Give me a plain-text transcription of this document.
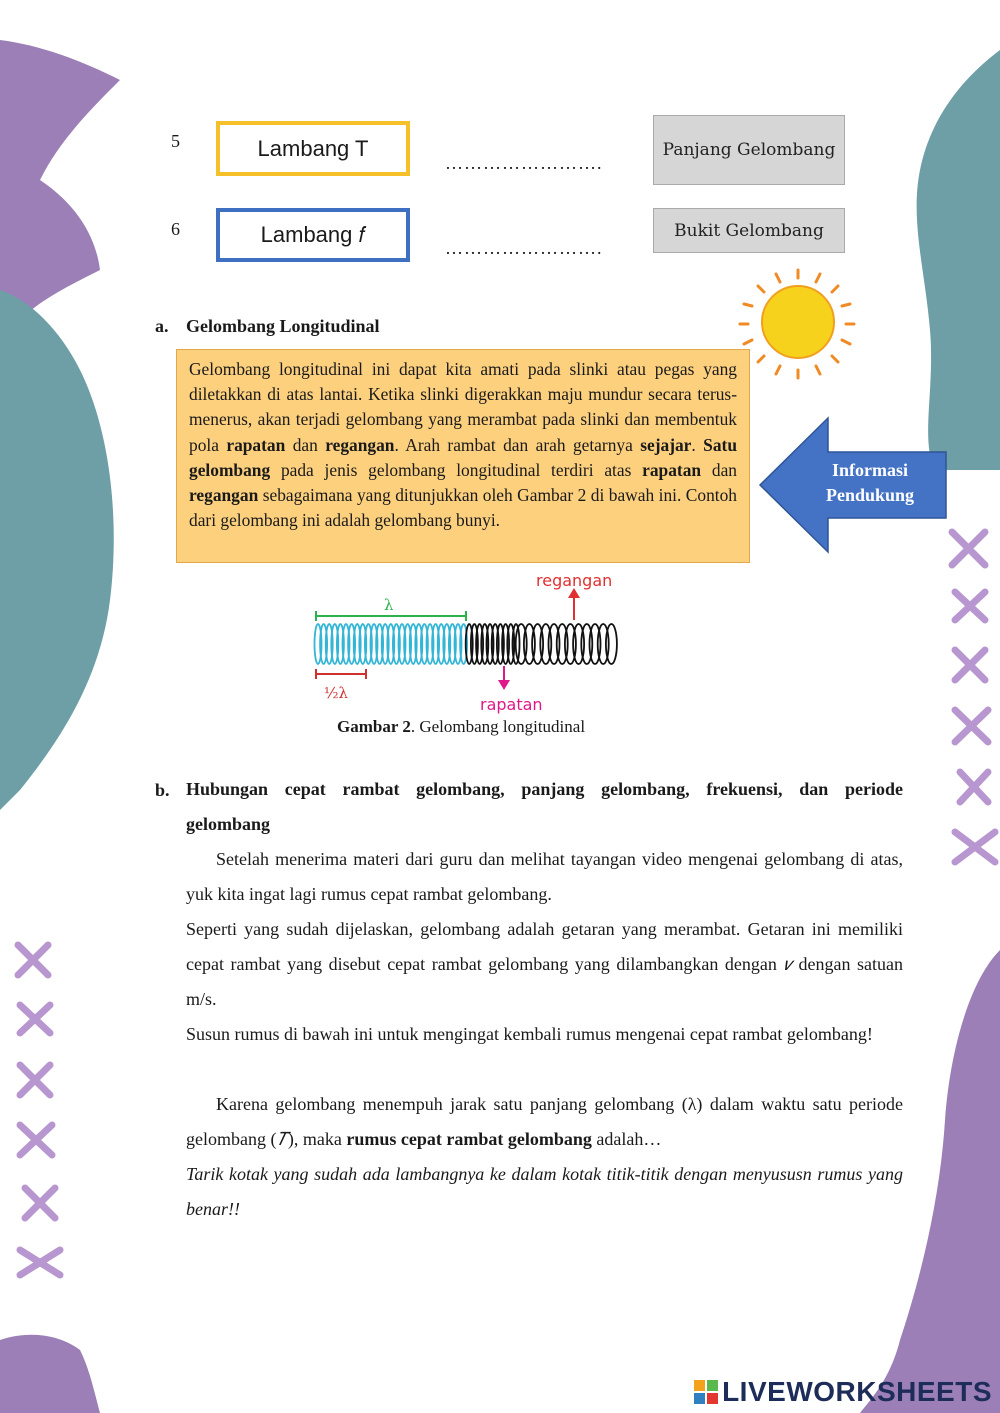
Informasi
Pendukung
5	Lambang T
…………………….
Panjang Gelombang
6	Lambang 𝑓
…………………….
Bukit Gelombang
a. Gelombang Longitudinal
Gelombang longitudinal ini dapat kita amati pada slinki atau pegas yang diletakkan di atas lantai. Ketika slinki digerakkan maju mundur secara terus-menerus, akan terjadi gelombang yang merambat pada slinki dan membentuk pola rapatan dan regangan. Arah rambat dan arah getarnya sejajar. Satu gelombang pada jenis gelombang longitudinal terdiri atas rapatan dan regangan sebagaimana yang ditunjukkan oleh Gambar 2 di bawah ini. Contoh dari gelombang ini adalah gelombang bunyi.
λ
½λ
regangan
rapatan
Gambar 2. Gelombang longitudinal
b. Hubungan cepat rambat gelombang, panjang gelombang, frekuensi, dan periode
gelombang
Setelah menerima materi dari guru dan melihat tayangan video mengenai gelombang di atas, yuk kita ingat lagi rumus cepat rambat gelombang.
Seperti yang sudah dijelaskan, gelombang adalah getaran yang merambat. Getaran ini memiliki cepat rambat yang disebut cepat rambat gelombang yang dilambangkan dengan 𝑣 dengan satuan m/s.
Susun rumus di bawah ini untuk mengingat kembali rumus mengenai cepat rambat gelombang!
Karena gelombang menempuh jarak satu panjang gelombang (λ) dalam waktu satu periode gelombang (𝑇), maka rumus cepat rambat gelombang adalah…
Tarik kotak yang sudah ada lambangnya ke dalam kotak titik-titik dengan menyususn rumus yang benar!!
LIVEWORKSHEETS
